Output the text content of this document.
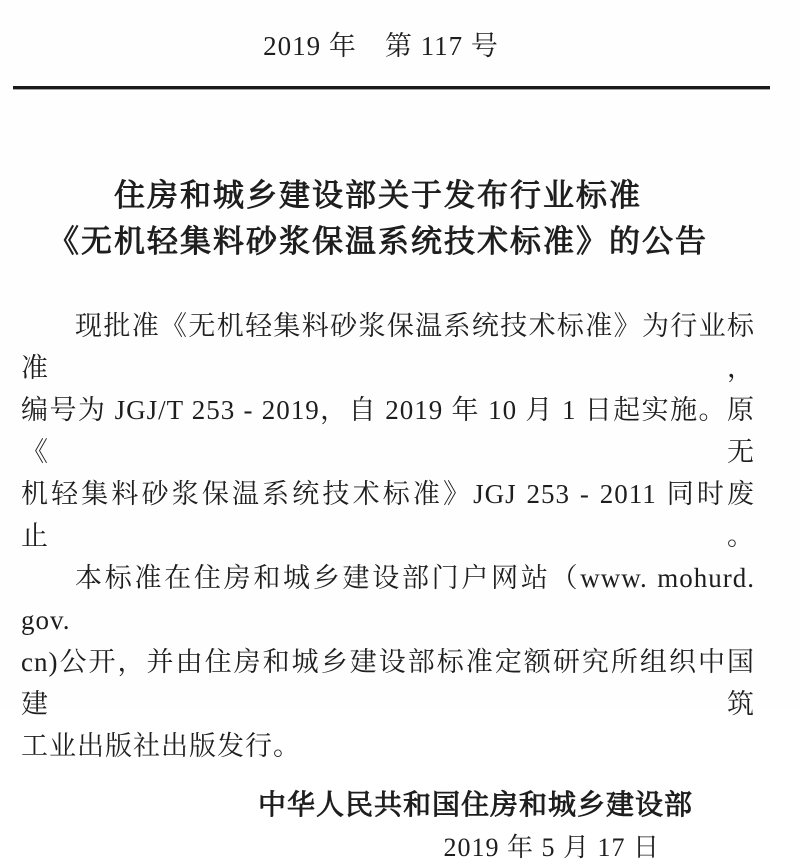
2019 年　第 117 号
住房和城乡建设部关于发布行业标准
《无机轻集料砂浆保温系统技术标准》的公告
现批准《无机轻集料砂浆保温系统技术标准》为行业标准，
编号为 JGJ/T 253 - 2019，自 2019 年 10 月 1 日起实施。原《无
机轻集料砂浆保温系统技术标准》JGJ 253 - 2011 同时废止。
本标准在住房和城乡建设部门户网站（www. mohurd. gov.
cn)公开，并由住房和城乡建设部标准定额研究所组织中国建筑
工业出版社出版发行。
中华人民共和国住房和城乡建设部
2019 年 5 月 17 日
